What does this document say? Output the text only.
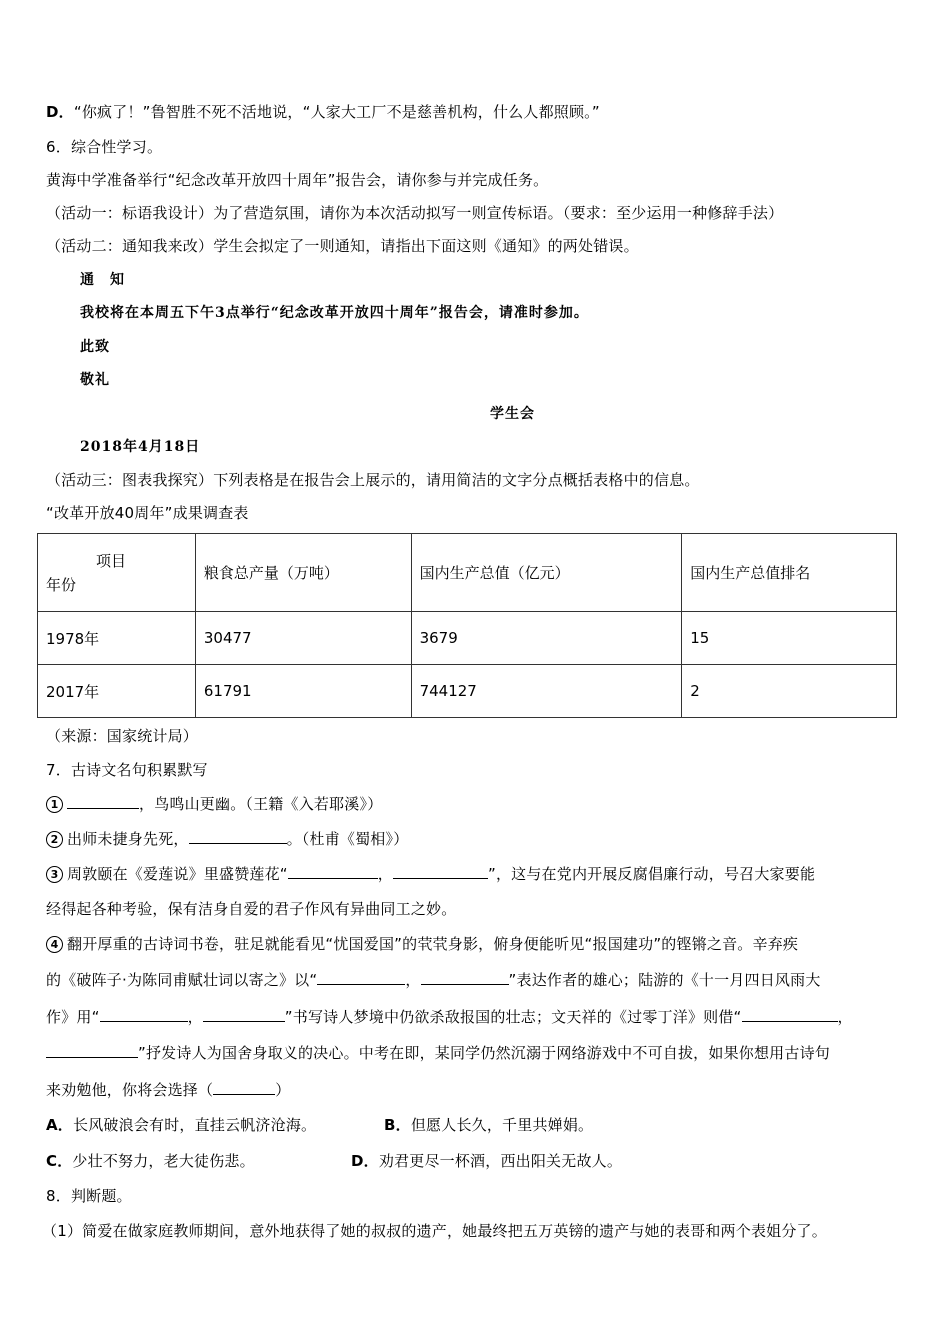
D．“你疯了！”鲁智胜不死不活地说，“人家大工厂不是慈善机构，什么人都照顾。”
6．综合性学习。
黄海中学准备举行“纪念改革开放四十周年”报告会，请你参与并完成任务。
（活动一：标语我设计）为了营造氛围，请你为本次活动拟写一则宣传标语。（要求：至少运用一种修辞手法）
（活动二：通知我来改）学生会拟定了一则通知，请指出下面这则《通知》的两处错误。
通　知
我校将在本周五下午3点举行“纪念改革开放四十周年”报告会，请准时参加。
此致
敬礼
学生会
2018年4月18日
（活动三：图表我探究）下列表格是在报告会上展示的，请用简洁的文字分点概括表格中的信息。
“改革开放40周年”成果调查表
项目
年份	粮食总产量（万吨）	国内生产总值（亿元）	国内生产总值排名
1978年	30477	3679	15
2017年	61791	744127	2
（来源：国家统计局）
7．古诗文名句积累默写
1	，鸟鸣山更幽。（王籍《入若耶溪》）
2 出师未捷身先死，	。（杜甫《蜀相》）
3 周敦颐在《爱莲说》里盛赞莲花“	，	”，这与在党内开展反腐倡廉行动，号召大家要能
经得起各种考验，保有洁身自爱的君子作风有异曲同工之妙。
4 翻开厚重的古诗词书卷，驻足就能看见“忧国爱国”的茕茕身影，俯身便能听见“报国建功”的铿锵之音。辛弃疾
的《破阵子·为陈同甫赋壮词以寄之》以“	，	”表达作者的雄心；陆游的《十一月四日风雨大
作》用“	，	”书写诗人梦境中仍欲杀敌报国的壮志；文天祥的《过零丁洋》则借“	，
”抒发诗人为国舍身取义的决心。中考在即，某同学仍然沉溺于网络游戏中不可自拔，如果你想用古诗句
来劝勉他，你将会选择（	）
A．长风破浪会有时，直挂云帆济沧海。	B．但愿人长久，千里共婵娟。
C．少壮不努力，老大徒伤悲。	D．劝君更尽一杯酒，西出阳关无故人。
8．判断题。
（1）简爱在做家庭教师期间，意外地获得了她的叔叔的遗产，她最终把五万英镑的遗产与她的表哥和两个表姐分了。
